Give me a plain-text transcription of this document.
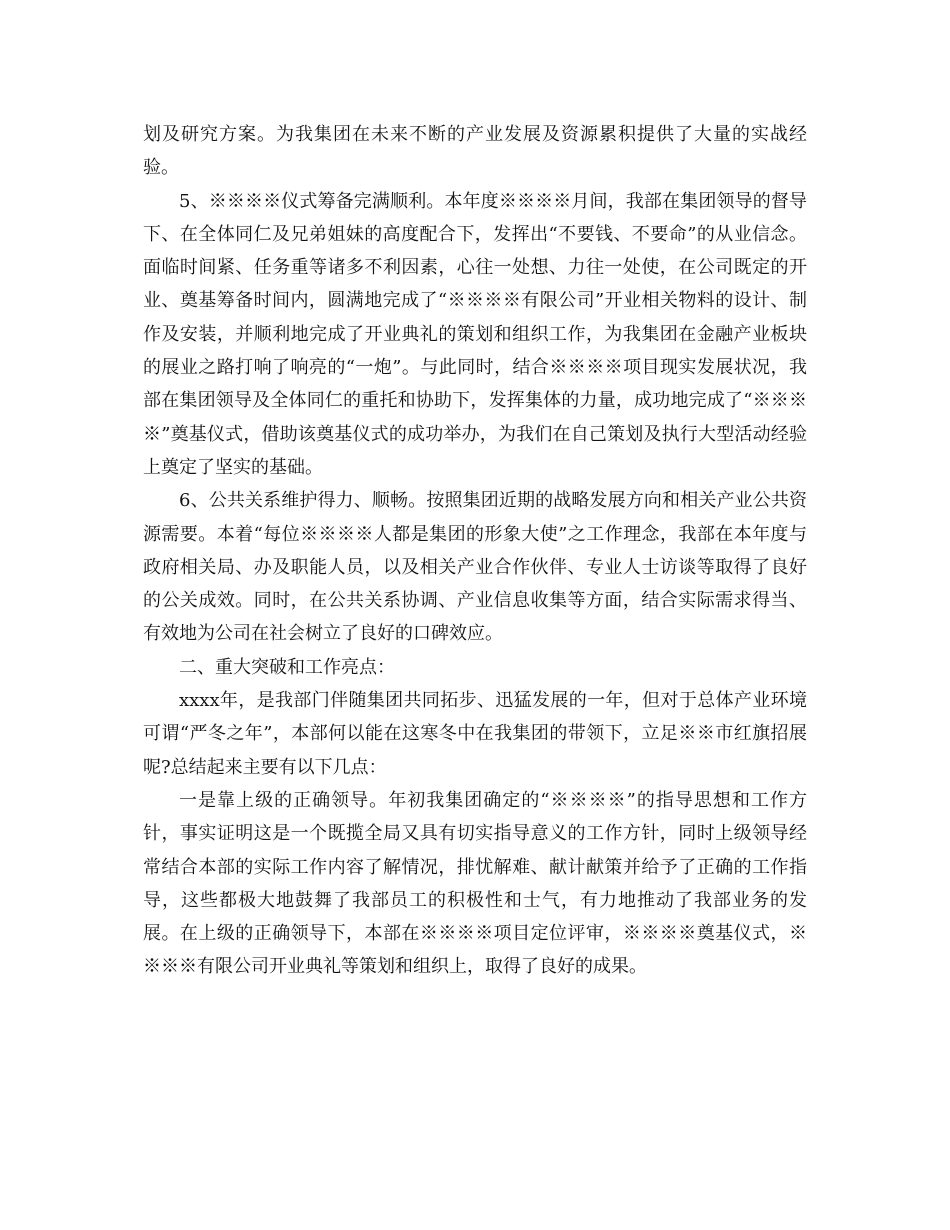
划及研究方案。为我集团在未来不断的产业发展及资源累积提供了大量的实战经验。

5、※※※※仪式筹备完满顺利。本年度※※※※月间，我部在集团领导的督导下、在全体同仁及兄弟姐妹的高度配合下，发挥出“不要钱、不要命”的从业信念。面临时间紧、任务重等诸多不利因素，心往一处想、力往一处使，在公司既定的开业、奠基筹备时间内，圆满地完成了“※※※※有限公司”开业相关物料的设计、制作及安装，并顺利地完成了开业典礼的策划和组织工作，为我集团在金融产业板块的展业之路打响了响亮的“一炮”。与此同时，结合※※※※项目现实发展状况，我部在集团领导及全体同仁的重托和协助下，发挥集体的力量，成功地完成了“※※※※”奠基仪式，借助该奠基仪式的成功举办，为我们在自己策划及执行大型活动经验上奠定了坚实的基础。

6、公共关系维护得力、顺畅。按照集团近期的战略发展方向和相关产业公共资源需要。本着“每位※※※※人都是集团的形象大使”之工作理念，我部在本年度与政府相关局、办及职能人员，以及相关产业合作伙伴、专业人士访谈等取得了良好的公关成效。同时，在公共关系协调、产业信息收集等方面，结合实际需求得当、有效地为公司在社会树立了良好的口碑效应。

二、重大突破和工作亮点：

xxxx年，是我部门伴随集团共同拓步、迅猛发展的一年，但对于总体产业环境可谓“严冬之年”，本部何以能在这寒冬中在我集团的带领下，立足※※市红旗招展呢?总结起来主要有以下几点：

一是靠上级的正确领导。年初我集团确定的“※※※※”的指导思想和工作方针，事实证明这是一个既揽全局又具有切实指导意义的工作方针，同时上级领导经常结合本部的实际工作内容了解情况，排忧解难、献计献策并给予了正确的工作指导，这些都极大地鼓舞了我部员工的积极性和士气，有力地推动了我部业务的发展。在上级的正确领导下，本部在※※※※项目定位评审，※※※※奠基仪式，※※※※有限公司开业典礼等策划和组织上，取得了良好的成果。
